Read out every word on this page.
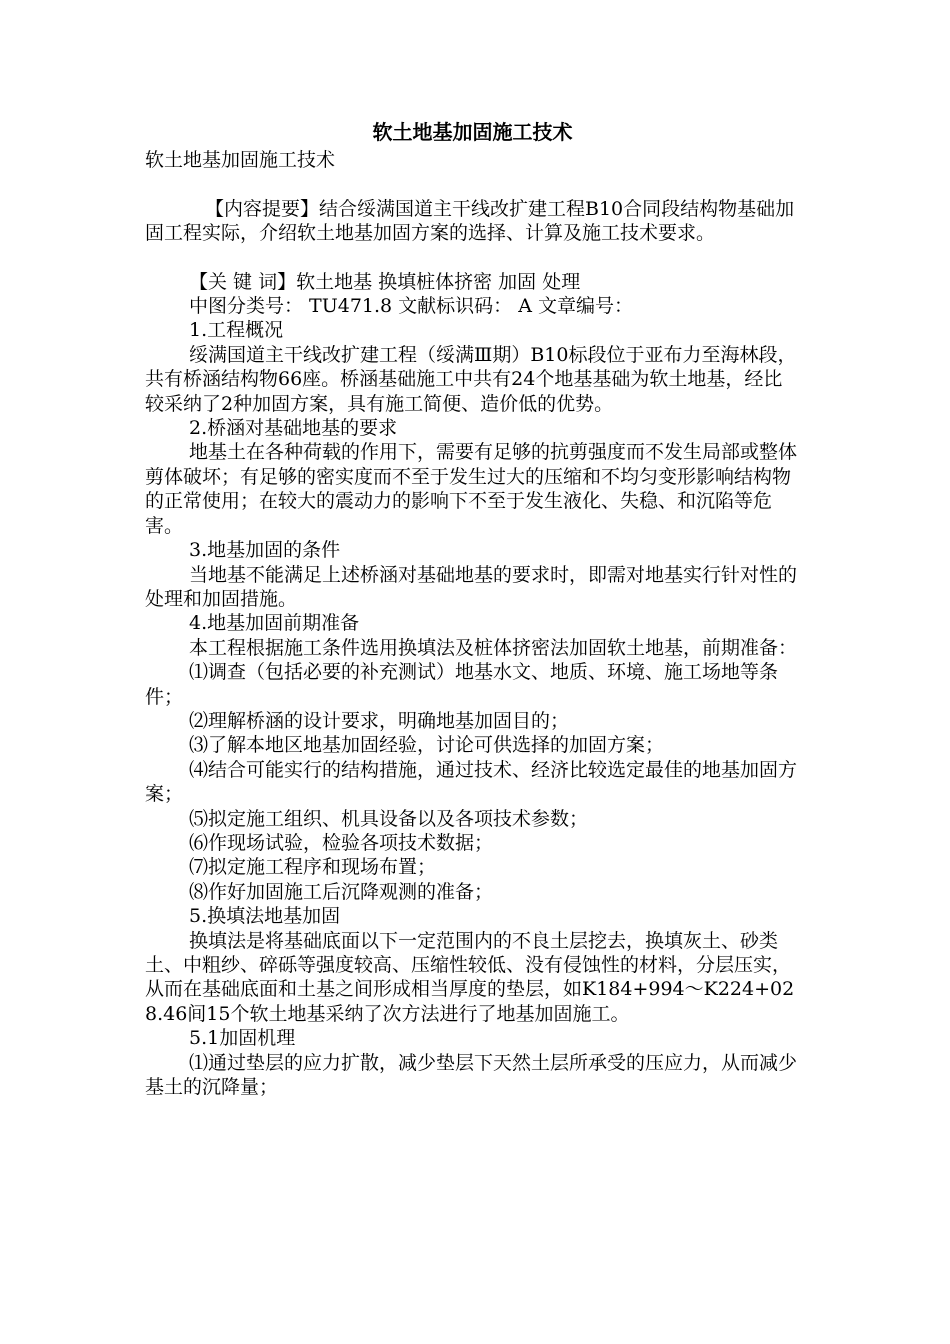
软土地基加固施工技术
软土地基加固施工技术
【内容提要】结合绥满国道主干线改扩建工程B10合同段结构物基础加固工程实际，介绍软土地基加固方案的选择、计算及施工技术要求。
【关 键 词】软土地基 换填桩体挤密 加固 处理
中图分类号： TU471.8 文献标识码： A 文章编号：
1.工程概况
绥满国道主干线改扩建工程（绥满Ⅲ期）B10标段位于亚布力至海林段，共有桥涵结构物66座。桥涵基础施工中共有24个地基基础为软土地基，经比较采纳了2种加固方案，具有施工简便、造价低的优势。
2.桥涵对基础地基的要求
地基土在各种荷载的作用下，需要有足够的抗剪强度而不发生局部或整体剪体破坏；有足够的密实度而不至于发生过大的压缩和不均匀变形影响结构物的正常使用；在较大的震动力的影响下不至于发生液化、失稳、和沉陷等危害。
3.地基加固的条件
当地基不能满足上述桥涵对基础地基的要求时，即需对地基实行针对性的处理和加固措施。
4.地基加固前期准备
本工程根据施工条件选用换填法及桩体挤密法加固软土地基，前期准备：
⑴调查（包括必要的补充测试）地基水文、地质、环境、施工场地等条件；
⑵理解桥涵的设计要求，明确地基加固目的；
⑶了解本地区地基加固经验，讨论可供选择的加固方案；
⑷结合可能实行的结构措施，通过技术、经济比较选定最佳的地基加固方案；
⑸拟定施工组织、机具设备以及各项技术参数；
⑹作现场试验，检验各项技术数据；
⑺拟定施工程序和现场布置；
⑻作好加固施工后沉降观测的准备；
5.换填法地基加固
换填法是将基础底面以下一定范围内的不良土层挖去，换填灰土、砂类土、中粗纱、碎砾等强度较高、压缩性较低、没有侵蚀性的材料，分层压实，从而在基础底面和土基之间形成相当厚度的垫层，如K184+994～K224+028.46间15个软土地基采纳了次方法进行了地基加固施工。
5.1加固机理
⑴通过垫层的应力扩散，减少垫层下天然土层所承受的压应力，从而减少基土的沉降量；
